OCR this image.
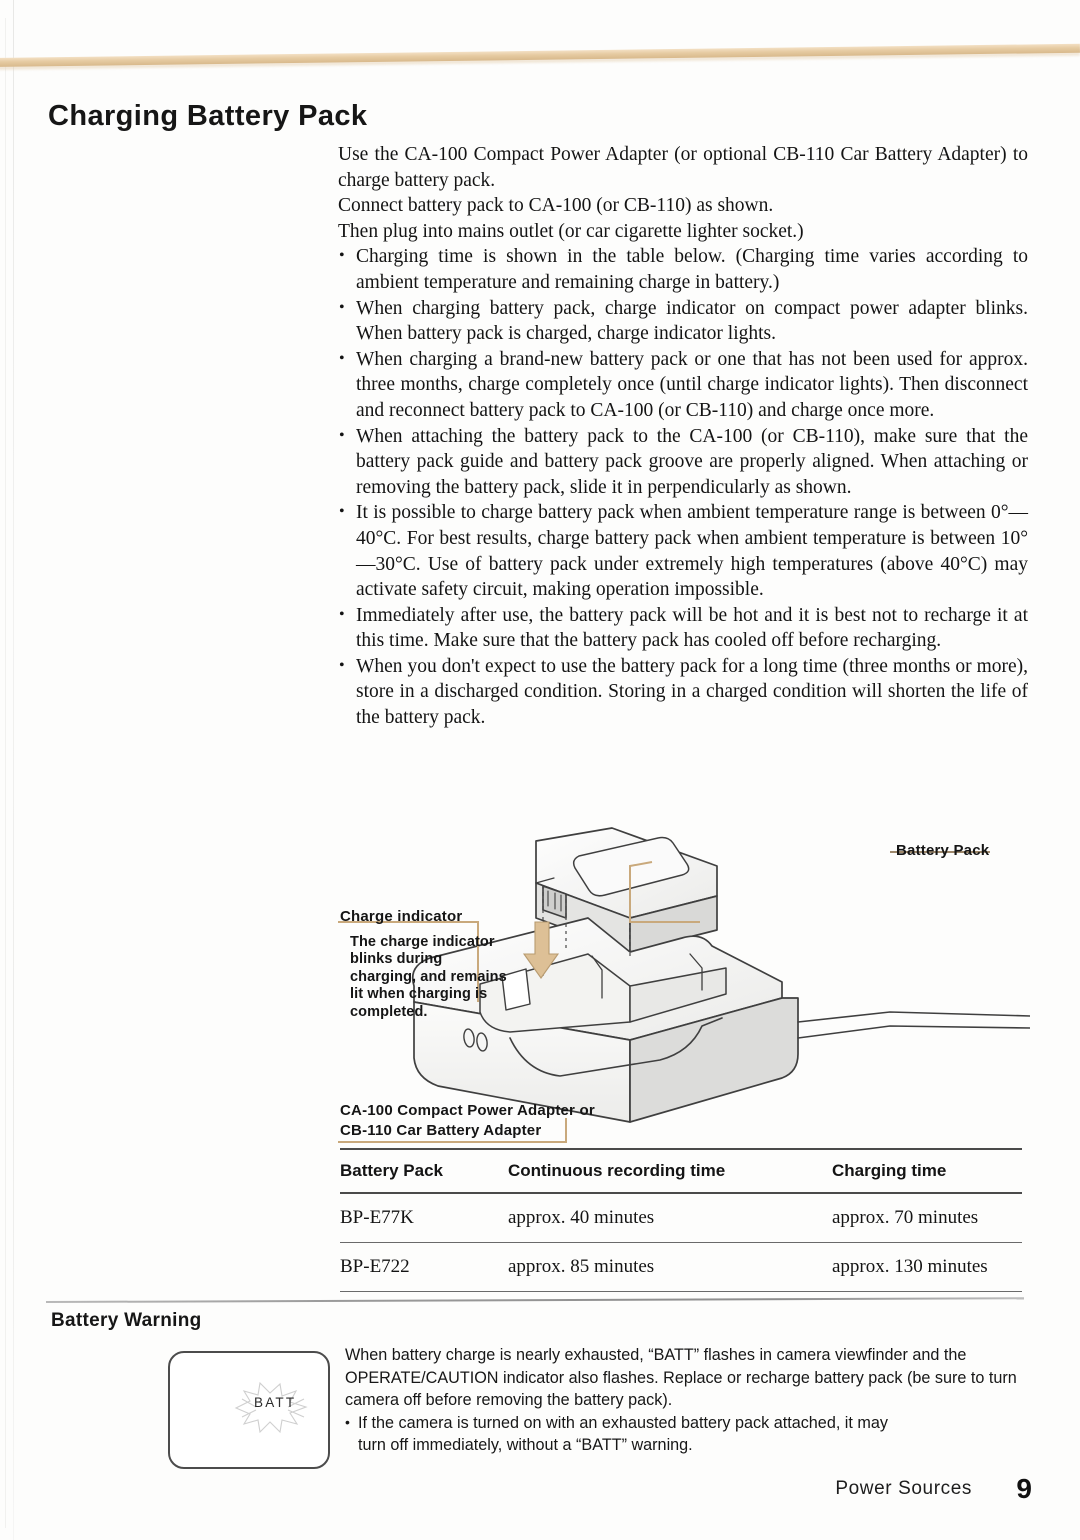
Charging Battery Pack

Use the CA-100 Compact Power Adapter (or optional CB-110 Car Battery Adapter) to charge battery pack.

Connect battery pack to CA-100 (or CB-110) as shown.

Then plug into mains outlet (or car cigarette lighter socket.)

• Charging time is shown in the table below. (Charging time varies according to ambient temperature and remaining charge in battery.)
• When charging battery pack, charge indicator on compact power adapter blinks. When battery pack is charged, charge indicator lights.
• When charging a brand-new battery pack or one that has not been used for approx. three months, charge completely once (until charge indicator lights). Then disconnect and reconnect battery pack to CA-100 (or CB-110) and charge once more.
• When attaching the battery pack to the CA-100 (or CB-110), make sure that the battery pack guide and battery pack groove are properly aligned. When attaching or removing the battery pack, slide it in perpendicularly as shown.
• It is possible to charge battery pack when ambient temperature range is between 0°—40°C. For best results, charge battery pack when ambient temperature is between 10°—30°C. Use of battery pack under extremely high temperatures (above 40°C) may activate safety circuit, making operation impossible.
• Immediately after use, the battery pack will be hot and it is best not to recharge it at this time. Make sure that the battery pack has cooled off before recharging.
• When you don't expect to use the battery pack for a long time (three months or more), store in a discharged condition. Storing in a charged condition will shorten the life of the battery pack.
Battery Pack
Charge indicator
The charge indicator blinks during charging, and remains lit when charging is completed.
CA-100 Compact Power Adapter or
CB-110 Car Battery Adapter
Battery Pack	Continuous recording time	Charging time
BP-E77K	approx. 40 minutes	approx. 70 minutes
BP-E722	approx. 85 minutes	approx. 130 minutes
Battery Warning
BATT

When battery charge is nearly exhausted, “BATT” flashes in camera viewfinder and the OPERATE/CAUTION indicator also flashes. Replace or recharge battery pack (be sure to turn camera off before removing the battery pack).

• If the camera is turned on with an exhausted battery pack attached, it may
turn off immediately, without a “BATT” warning.
Power Sources 9
